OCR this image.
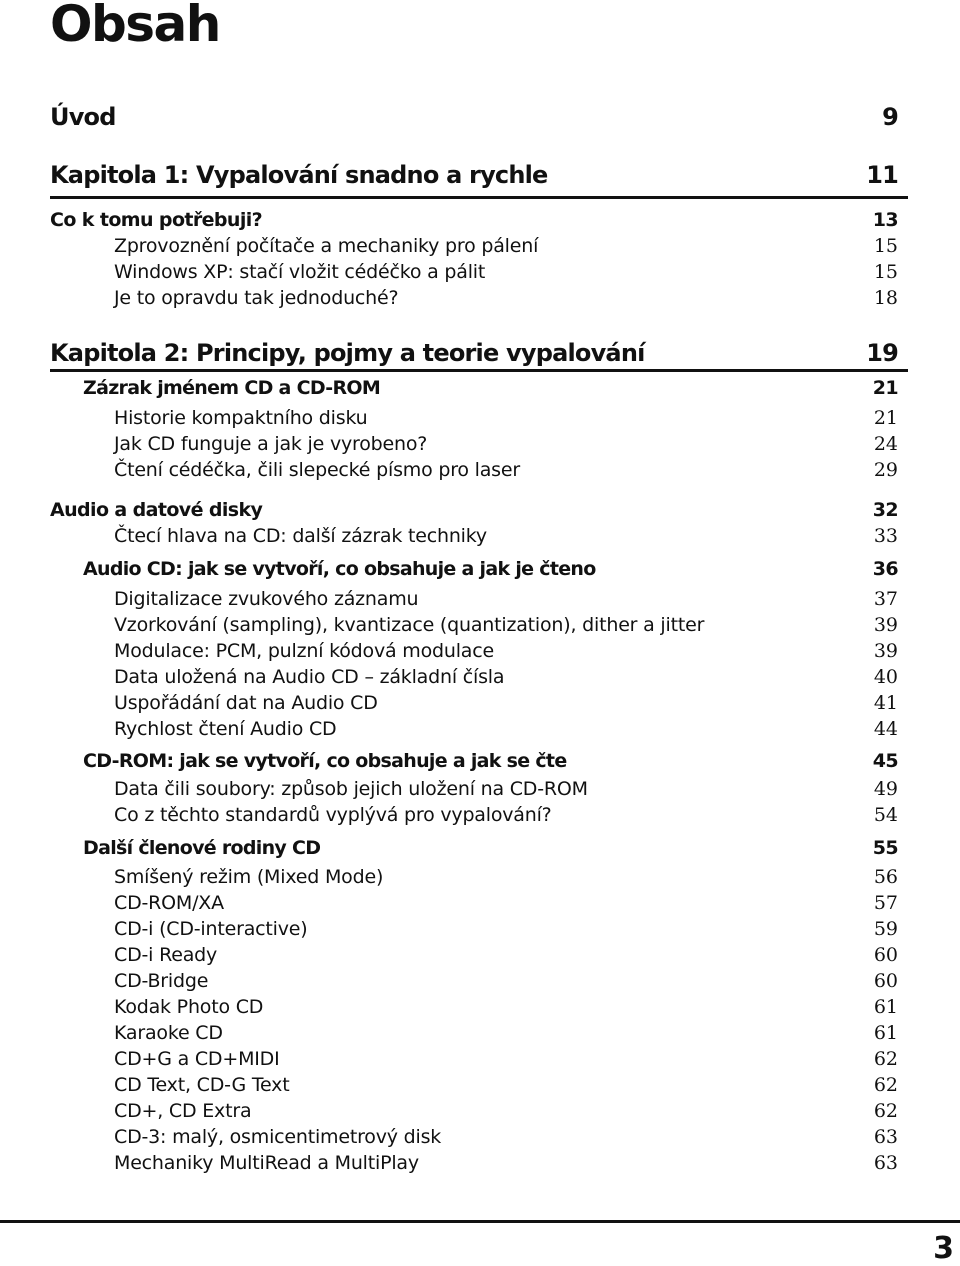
Obsah
Úvod	9
Kapitola 1: Vypalování snadno a rychle	11
Co k tomu potřebuji?	13
Zprovoznění počítače a mechaniky pro pálení	15
Windows XP: stačí vložit cédéčko a pálit	15
Je to opravdu tak jednoduché?	18
Kapitola 2: Principy, pojmy a teorie vypalování	19
Zázrak jménem CD a CD-ROM	21
Historie kompaktního disku	21
Jak CD funguje a jak je vyrobeno?	24
Čtení cédéčka, čili slepecké písmo pro laser	29
Audio a datové disky	32
Čtecí hlava na CD: další zázrak techniky	33
Audio CD: jak se vytvoří, co obsahuje a jak je čteno	36
Digitalizace zvukového záznamu	37
Vzorkování (sampling), kvantizace (quantization), dither a jitter	39
Modulace: PCM, pulzní kódová modulace	39
Data uložená na Audio CD – základní čísla	40
Uspořádání dat na Audio CD	41
Rychlost čtení Audio CD	44
CD-ROM: jak se vytvoří, co obsahuje a jak se čte	45
Data čili soubory: způsob jejich uložení na CD-ROM	49
Co z těchto standardů vyplývá pro vypalování?	54
Další členové rodiny CD	55
Smíšený režim (Mixed Mode)	56
CD-ROM/XA	57
CD-i (CD-interactive)	59
CD-i Ready	60
CD-Bridge	60
Kodak Photo CD	61
Karaoke CD	61
CD+G a CD+MIDI	62
CD Text, CD-G Text	62
CD+, CD Extra	62
CD-3: malý, osmicentimetrový disk	63
Mechaniky MultiRead a MultiPlay	63
3
